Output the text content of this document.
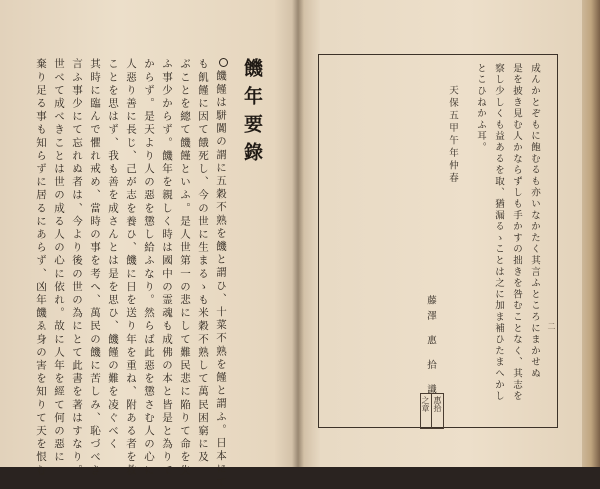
饑年要錄
饑饉は駢闐の謂に五穀不熟を饑と謂ひ、十菜不熟を饉と謂ふ。日本にて
も飢饉に因て餓死し、今の世に生まるゝも米穀不熟して萬民困窮に及
ぶことを總て饑饉といふ。是人世第一の悲にして難民悲に陥りて命を失
ふ事少からず。饑年を親しく時は國中の霊魂も成佛の本と皆是と為りて
からず。是天より人の惡を懲し給ふなり。然らば此惡を懲さむ人の心に
人惡り善に長じ、己が志を養ひ、饑に日を送り年を重ね、附ある者を救
ことを思はず、我も善を成さんとは是を思ひ、饑饉の難を凌ぐべく
其時に臨んで懼れ戒め、當時の事を考へ、萬民の饑に苦しみ、恥づべき
言ふ事少にて忘れぬ者は、今より後の世の為にとて此書を著はすなり。
世べて成べきことは世の成る人の心に依れ。故に人年を經て何の惡に
棄り足る事も知らずに居るにあらず、凶年饑ゑ身の害を知りて天を恨む	成んかとぞもに飽むるも亦いなかたく其言ふところにまかせぬ
是を披き見む人かならずしも手かすの拙きを咎むことなく、其志を
察し少しくも益あるを取、猶漏るゝことは之に加ま補ひたまへかし
とこひねかふ耳。
天保五甲午年仲春
藤澤 惠 拾 識
惠拾
之章
二
